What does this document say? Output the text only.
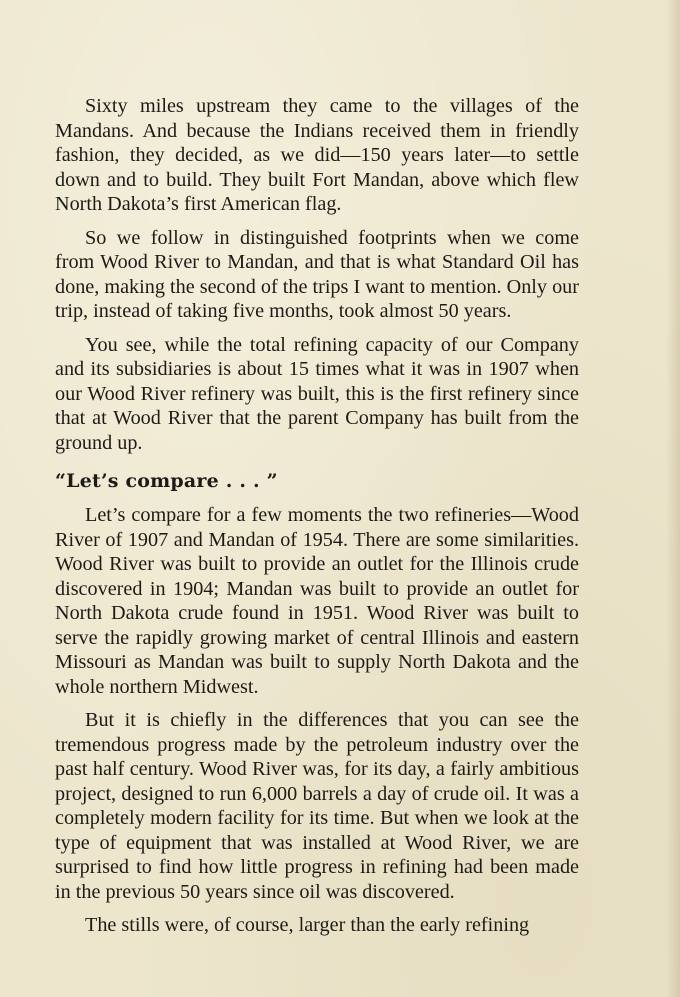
Sixty miles upstream they came to the villages of the Mandans. And because the Indians received them in friendly fashion, they decided, as we did—150 years later—to settle down and to build. They built Fort Mandan, above which flew North Dakota’s first American flag.

So we follow in distinguished footprints when we come from Wood River to Mandan, and that is what Standard Oil has done, making the second of the trips I want to mention. Only our trip, instead of taking five months, took almost 50 years.

You see, while the total refining capacity of our Company and its subsidiaries is about 15 times what it was in 1907 when our Wood River refinery was built, this is the first refinery since that at Wood River that the parent Company has built from the ground up.

“Let’s compare . . . ”

Let’s compare for a few moments the two refineries—Wood River of 1907 and Mandan of 1954. There are some similarities. Wood River was built to provide an outlet for the Illinois crude discovered in 1904; Mandan was built to provide an outlet for North Dakota crude found in 1951. Wood River was built to serve the rapidly growing market of central Illinois and eastern Missouri as Mandan was built to supply North Dakota and the whole northern Midwest.

But it is chiefly in the differences that you can see the tremendous progress made by the petroleum industry over the past half century. Wood River was, for its day, a fairly ambitious project, designed to run 6,000 barrels a day of crude oil. It was a completely modern facility for its time. But when we look at the type of equipment that was installed at Wood River, we are surprised to find how little progress in refining had been made in the previous 50 years since oil was discovered.

The stills were, of course, larger than the early refining
